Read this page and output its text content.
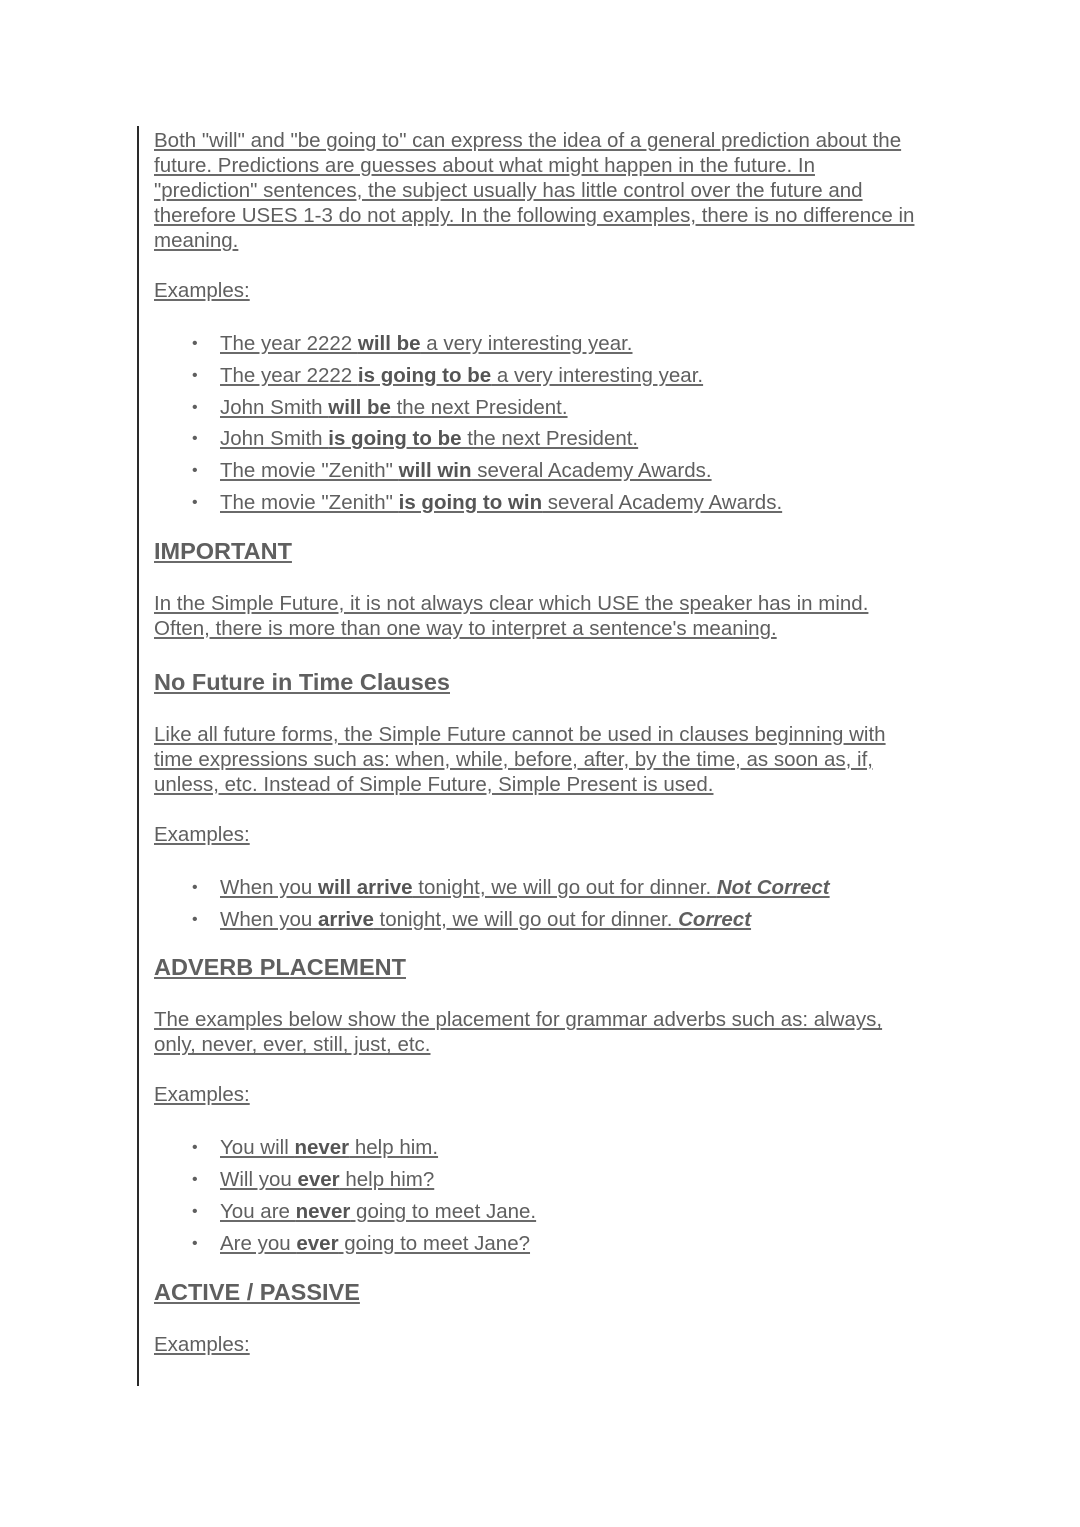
Both "will" and "be going to" can express the idea of a general prediction about the future. Predictions are guesses about what might happen in the future. In "prediction" sentences, the subject usually has little control over the future and therefore USES 1-3 do not apply. In the following examples, there is no difference in meaning.

Examples:

• The year 2222 will be a very interesting year.
• The year 2222 is going to be a very interesting year.
• John Smith will be the next President.
• John Smith is going to be the next President.
• The movie "Zenith" will win several Academy Awards.
• The movie "Zenith" is going to win several Academy Awards.
IMPORTANT

In the Simple Future, it is not always clear which USE the speaker has in mind. Often, there is more than one way to interpret a sentence's meaning.

No Future in Time Clauses

Like all future forms, the Simple Future cannot be used in clauses beginning with time expressions such as: when, while, before, after, by the time, as soon as, if, unless, etc. Instead of Simple Future, Simple Present is used.

Examples:

• When you will arrive tonight, we will go out for dinner. Not Correct
• When you arrive tonight, we will go out for dinner. Correct
ADVERB PLACEMENT

The examples below show the placement for grammar adverbs such as: always, only, never, ever, still, just, etc.

Examples:

• You will never help him.
• Will you ever help him?
• You are never going to meet Jane.
• Are you ever going to meet Jane?
ACTIVE / PASSIVE

Examples:
